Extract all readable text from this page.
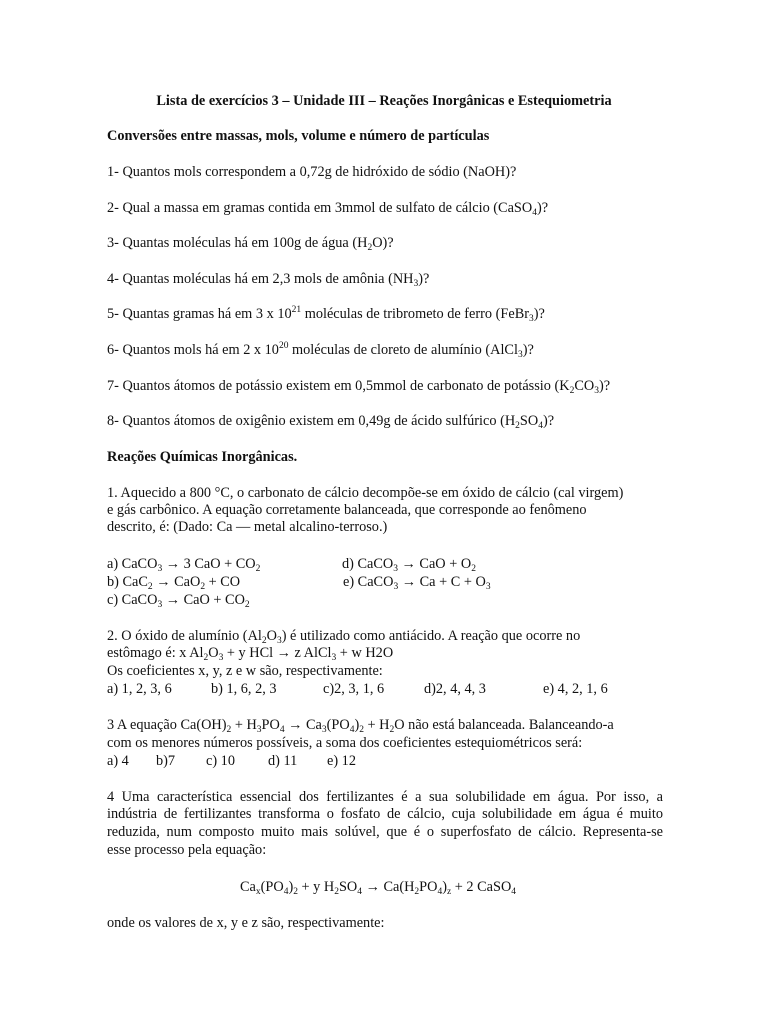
Lista de exercícios 3 – Unidade III – Reações Inorgânicas e Estequiometria
Conversões entre massas, mols, volume e número de partículas
1- Quantos mols correspondem a 0,72g de hidróxido de sódio (NaOH)?
2- Qual a massa em gramas contida em 3mmol de sulfato de cálcio (CaSO$_4$)?
3- Quantas moléculas há em 100g de água $(H_2O)$?
4- Quantas moléculas há em 2,3 mols de amônia $(NH_3)$?
5- Quantas gramas há em 3 x $10^{21}$ moléculas de tribrometo de ferro (FeBr$_3$)?
6- Quantos mols há em 2 x $10^{20}$ moléculas de cloreto de alumínio (AlCl$_3$)?
7- Quantos átomos de potássio existem em 0,5mmol de carbonato de potássio $(K_2CO_3)$?
8- Quantos átomos de oxigênio existem em 0,49g de ácido sulfúrico $(H_2SO_4)$?
Reações Químicas Inorgânicas.
1. Aquecido a 800 °C, o carbonato de cálcio decompõe-se em óxido de cálcio (cal virgem)
e gás carbônico. A equação corretamente balanceada, que corresponde ao fenômeno
descrito, é: (Dado: Ca — metal alcalino-terroso.)
a) CaCO$_3$ → 3 CaO + $CO_2$	d) CaCO$_3$ → CaO + $O_2$
b) CaC$_2$ → CaO$_2$ + CO	e) CaCO$_3$ → $Ca + C + O_3$
c) CaCO$_3$ → CaO + $CO_2$
2. O óxido de alumínio $(Al_2O_3)$ é utilizado como antiácido. A reação que ocorre no
estômago é: x $Al_2O_3 + y$ HCl → z AlCl$_3$ + w H2O
Os coeficientes x, y, z e w são, respectivamente:
a) 1, 2, 3, 6	b) 1, 6, 2, 3	c)2, 3, 1, 6	d)2, 4, 4, 3	e) 4, 2, 1, 6
3 A equação $Ca(OH)_2 + H_3PO_4 \to Ca_3(PO_4)_2 + H_2O$ não está balanceada. Balanceando-a
com os menores números possíveis, a soma dos coeficientes estequiométricos será:
a) 4 b)7 c) 10 d) 11 e) 12
4 Uma característica essencial dos fertilizantes é a sua solubilidade em água. Por isso, a
indústria de fertilizantes transforma o fosfato de cálcio, cuja solubilidade em água é muito
reduzida, num composto muito mais solúvel, que é o superfosfato de cálcio. Representa-se
esse processo pela equação:
$Ca_x(PO_4)_2 + y$ $H_2SO_4 \to Ca(H_2PO_4)_z + 2$ CaSO$_4$
onde os valores de x, y e z são, respectivamente:
